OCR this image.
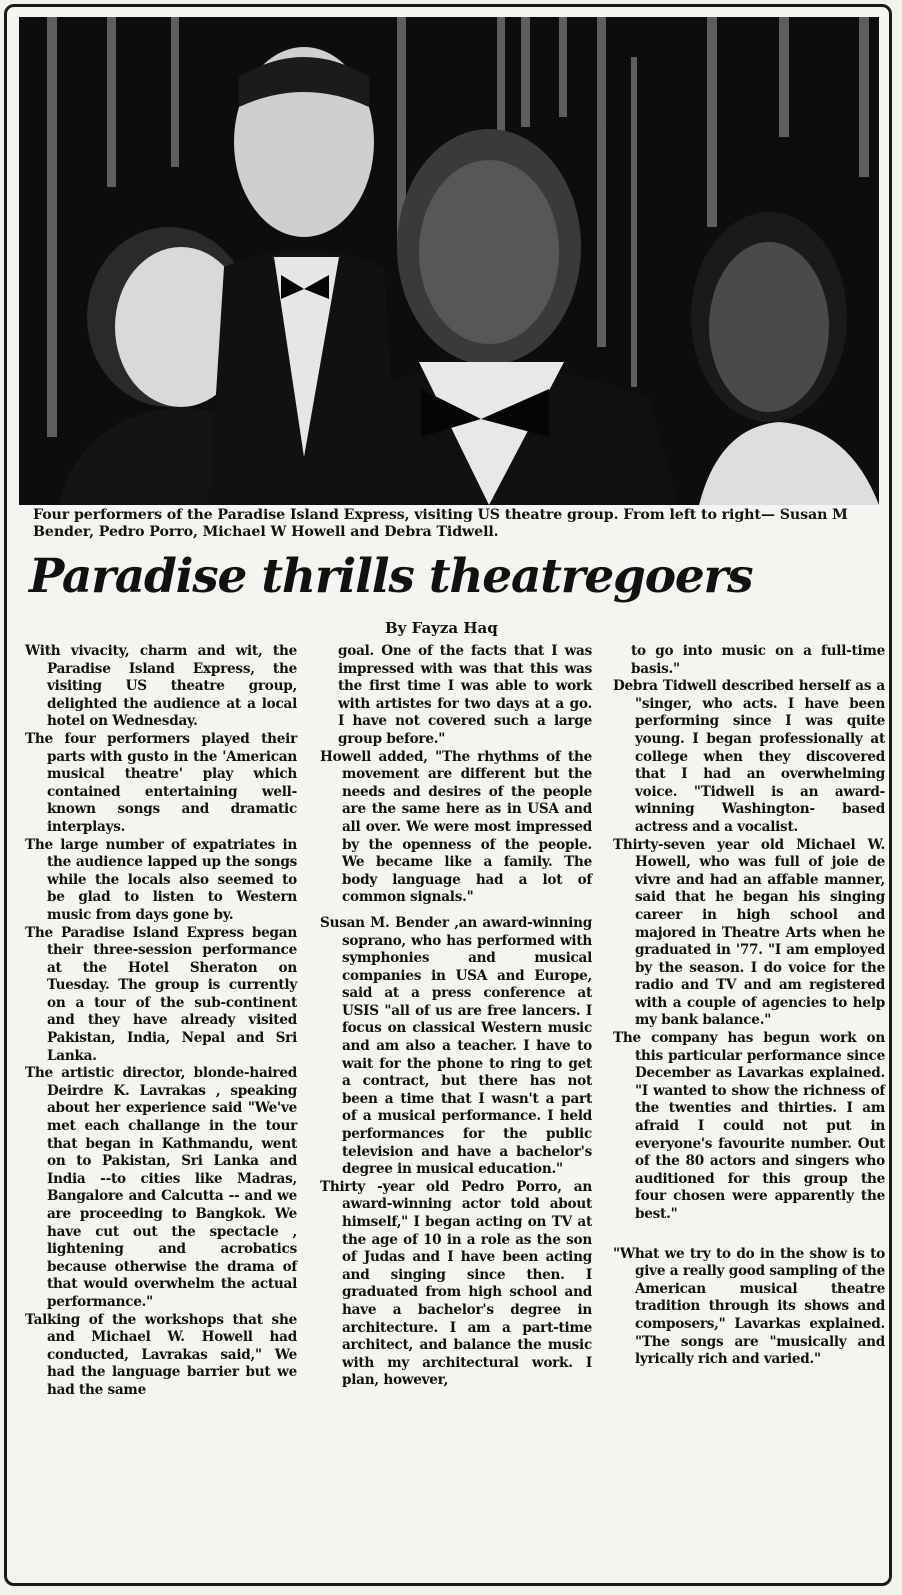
Four performers of the Paradise Island Express, visiting US theatre group. From left to right— Susan M Bender, Pedro Porro, Michael W Howell and Debra Tidwell.
Paradise thrills theatregoers
By Fayza Haq

With vivacity, charm and wit, the Paradise Island Express, the visiting US theatre group, delighted the audience at a local hotel on Wednesday.

The four performers played their parts with gusto in the 'American musical theatre' play which contained entertaining well-known songs and dramatic interplays.

The large number of expatriates in the audience lapped up the songs while the locals also seemed to be glad to listen to Western music from days gone by.

The Paradise Island Express began their three-session performance at the Hotel Sheraton on Tuesday. The group is currently on a tour of the sub-continent and they have already visited Pakistan, India, Nepal and Sri Lanka.

The artistic director, blonde-haired Deirdre K. Lavrakas , speaking about her experience said "We've met each challange in the tour that began in Kathmandu, went on to Pakistan, Sri Lanka and India --to cities like Madras, Bangalore and Calcutta -- and we are proceeding to Bangkok. We have cut out the spectacle , lightening and acrobatics because otherwise the drama of that would overwhelm the actual performance."

Talking of the workshops that she and Michael W. Howell had conducted, Lavrakas said," We had the language barrier but we had the same

goal. One of the facts that I was impressed with was that this was the first time I was able to work with artistes for two days at a go. I have not covered such a large group before."

Howell added, "The rhythms of the movement are different but the needs and desires of the people are the same here as in USA and all over. We were most impressed by the openness of the people. We became like a family. The body language had a lot of common signals."

Susan M. Bender ,an award-winning soprano, who has performed with symphonies and musical companies in USA and Europe, said at a press conference at USIS "all of us are free lancers. I focus on classical Western music and am also a teacher. I have to wait for the phone to ring to get a contract, but there has not been a time that I wasn't a part of a musical performance. I held performances for the public television and have a bachelor's degree in musical education."

Thirty -year old Pedro Porro, an award-winning actor told about himself," I began acting on TV at the age of 10 in a role as the son of Judas and I have been acting and singing since then. I graduated from high school and have a bachelor's degree in architecture. I am a part-time architect, and balance the music with my architectural work. I plan, however,

to go into music on a full-time basis."

Debra Tidwell described herself as a "singer, who acts. I have been performing since I was quite young. I began professionally at college when they discovered that I had an overwhelming voice. "Tidwell is an award-winning Washington- based actress and a vocalist.

Thirty-seven year old Michael W. Howell, who was full of joie de vivre and had an affable manner, said that he began his singing career in high school and majored in Theatre Arts when he graduated in '77. "I am employed by the season. I do voice for the radio and TV and am registered with a couple of agencies to help my bank balance."

The company has begun work on this particular performance since December as Lavarkas explained. "I wanted to show the richness of the twenties and thirties. I am afraid I could not put in everyone's favourite number. Out of the 80 actors and singers who auditioned for this group the four chosen were apparently the best."

"What we try to do in the show is to give a really good sampling of the American musical theatre tradition through its shows and composers," Lavarkas explained. "The songs are "musically and lyrically rich and varied."
